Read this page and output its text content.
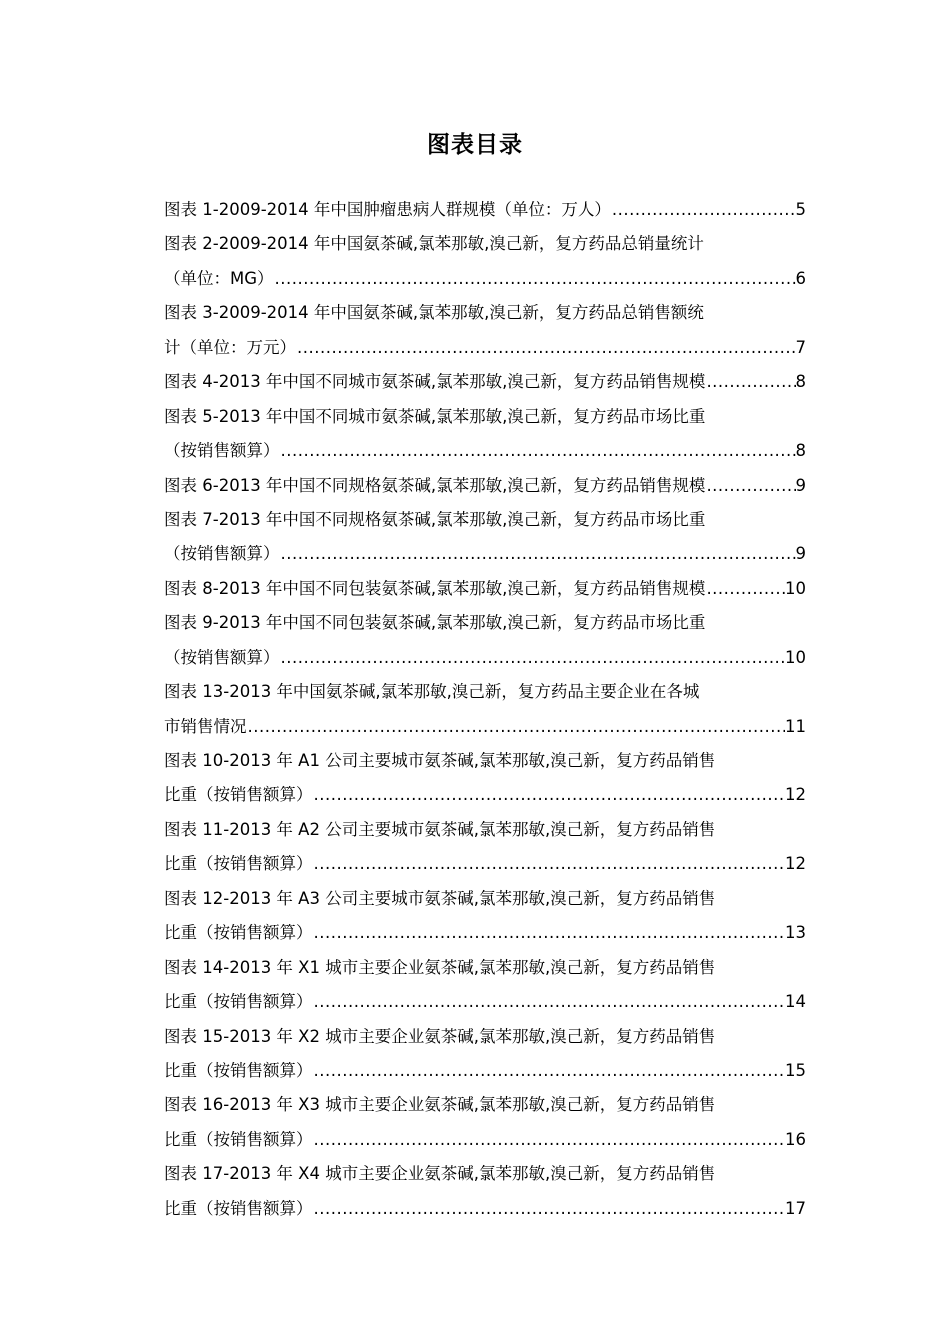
图表目录
图表 1-2009-2014 年中国肿瘤患病人群规模（单位：万人） .....	5
图表 2-2009-2014 年中国氨茶碱,氯苯那敏,溴己新，复方药品总销量统计
（单位：MG） .....	6
图表 3-2009-2014 年中国氨茶碱,氯苯那敏,溴己新，复方药品总销售额统
计（单位：万元） .....	7
图表 4-2013 年中国不同城市氨茶碱,氯苯那敏,溴己新，复方药品销售规模 .....	8
图表 5-2013 年中国不同城市氨茶碱,氯苯那敏,溴己新，复方药品市场比重
（按销售额算） .....	8
图表 6-2013 年中国不同规格氨茶碱,氯苯那敏,溴己新，复方药品销售规模 .....	9
图表 7-2013 年中国不同规格氨茶碱,氯苯那敏,溴己新，复方药品市场比重
（按销售额算） .....	9
图表 8-2013 年中国不同包装氨茶碱,氯苯那敏,溴己新，复方药品销售规模 .....	10
图表 9-2013 年中国不同包装氨茶碱,氯苯那敏,溴己新，复方药品市场比重
（按销售额算） .....	10
图表 13-2013 年中国氨茶碱,氯苯那敏,溴己新，复方药品主要企业在各城
市销售情况 .....	11
图表 10-2013 年 A1 公司主要城市氨茶碱,氯苯那敏,溴己新，复方药品销售
比重（按销售额算） .....	12
图表 11-2013 年 A2 公司主要城市氨茶碱,氯苯那敏,溴己新，复方药品销售
比重（按销售额算） .....	12
图表 12-2013 年 A3 公司主要城市氨茶碱,氯苯那敏,溴己新，复方药品销售
比重（按销售额算） .....	13
图表 14-2013 年 X1 城市主要企业氨茶碱,氯苯那敏,溴己新，复方药品销售
比重（按销售额算） .....	14
图表 15-2013 年 X2 城市主要企业氨茶碱,氯苯那敏,溴己新，复方药品销售
比重（按销售额算） .....	15
图表 16-2013 年 X3 城市主要企业氨茶碱,氯苯那敏,溴己新，复方药品销售
比重（按销售额算） .....	16
图表 17-2013 年 X4 城市主要企业氨茶碱,氯苯那敏,溴己新，复方药品销售
比重（按销售额算） .....	17
